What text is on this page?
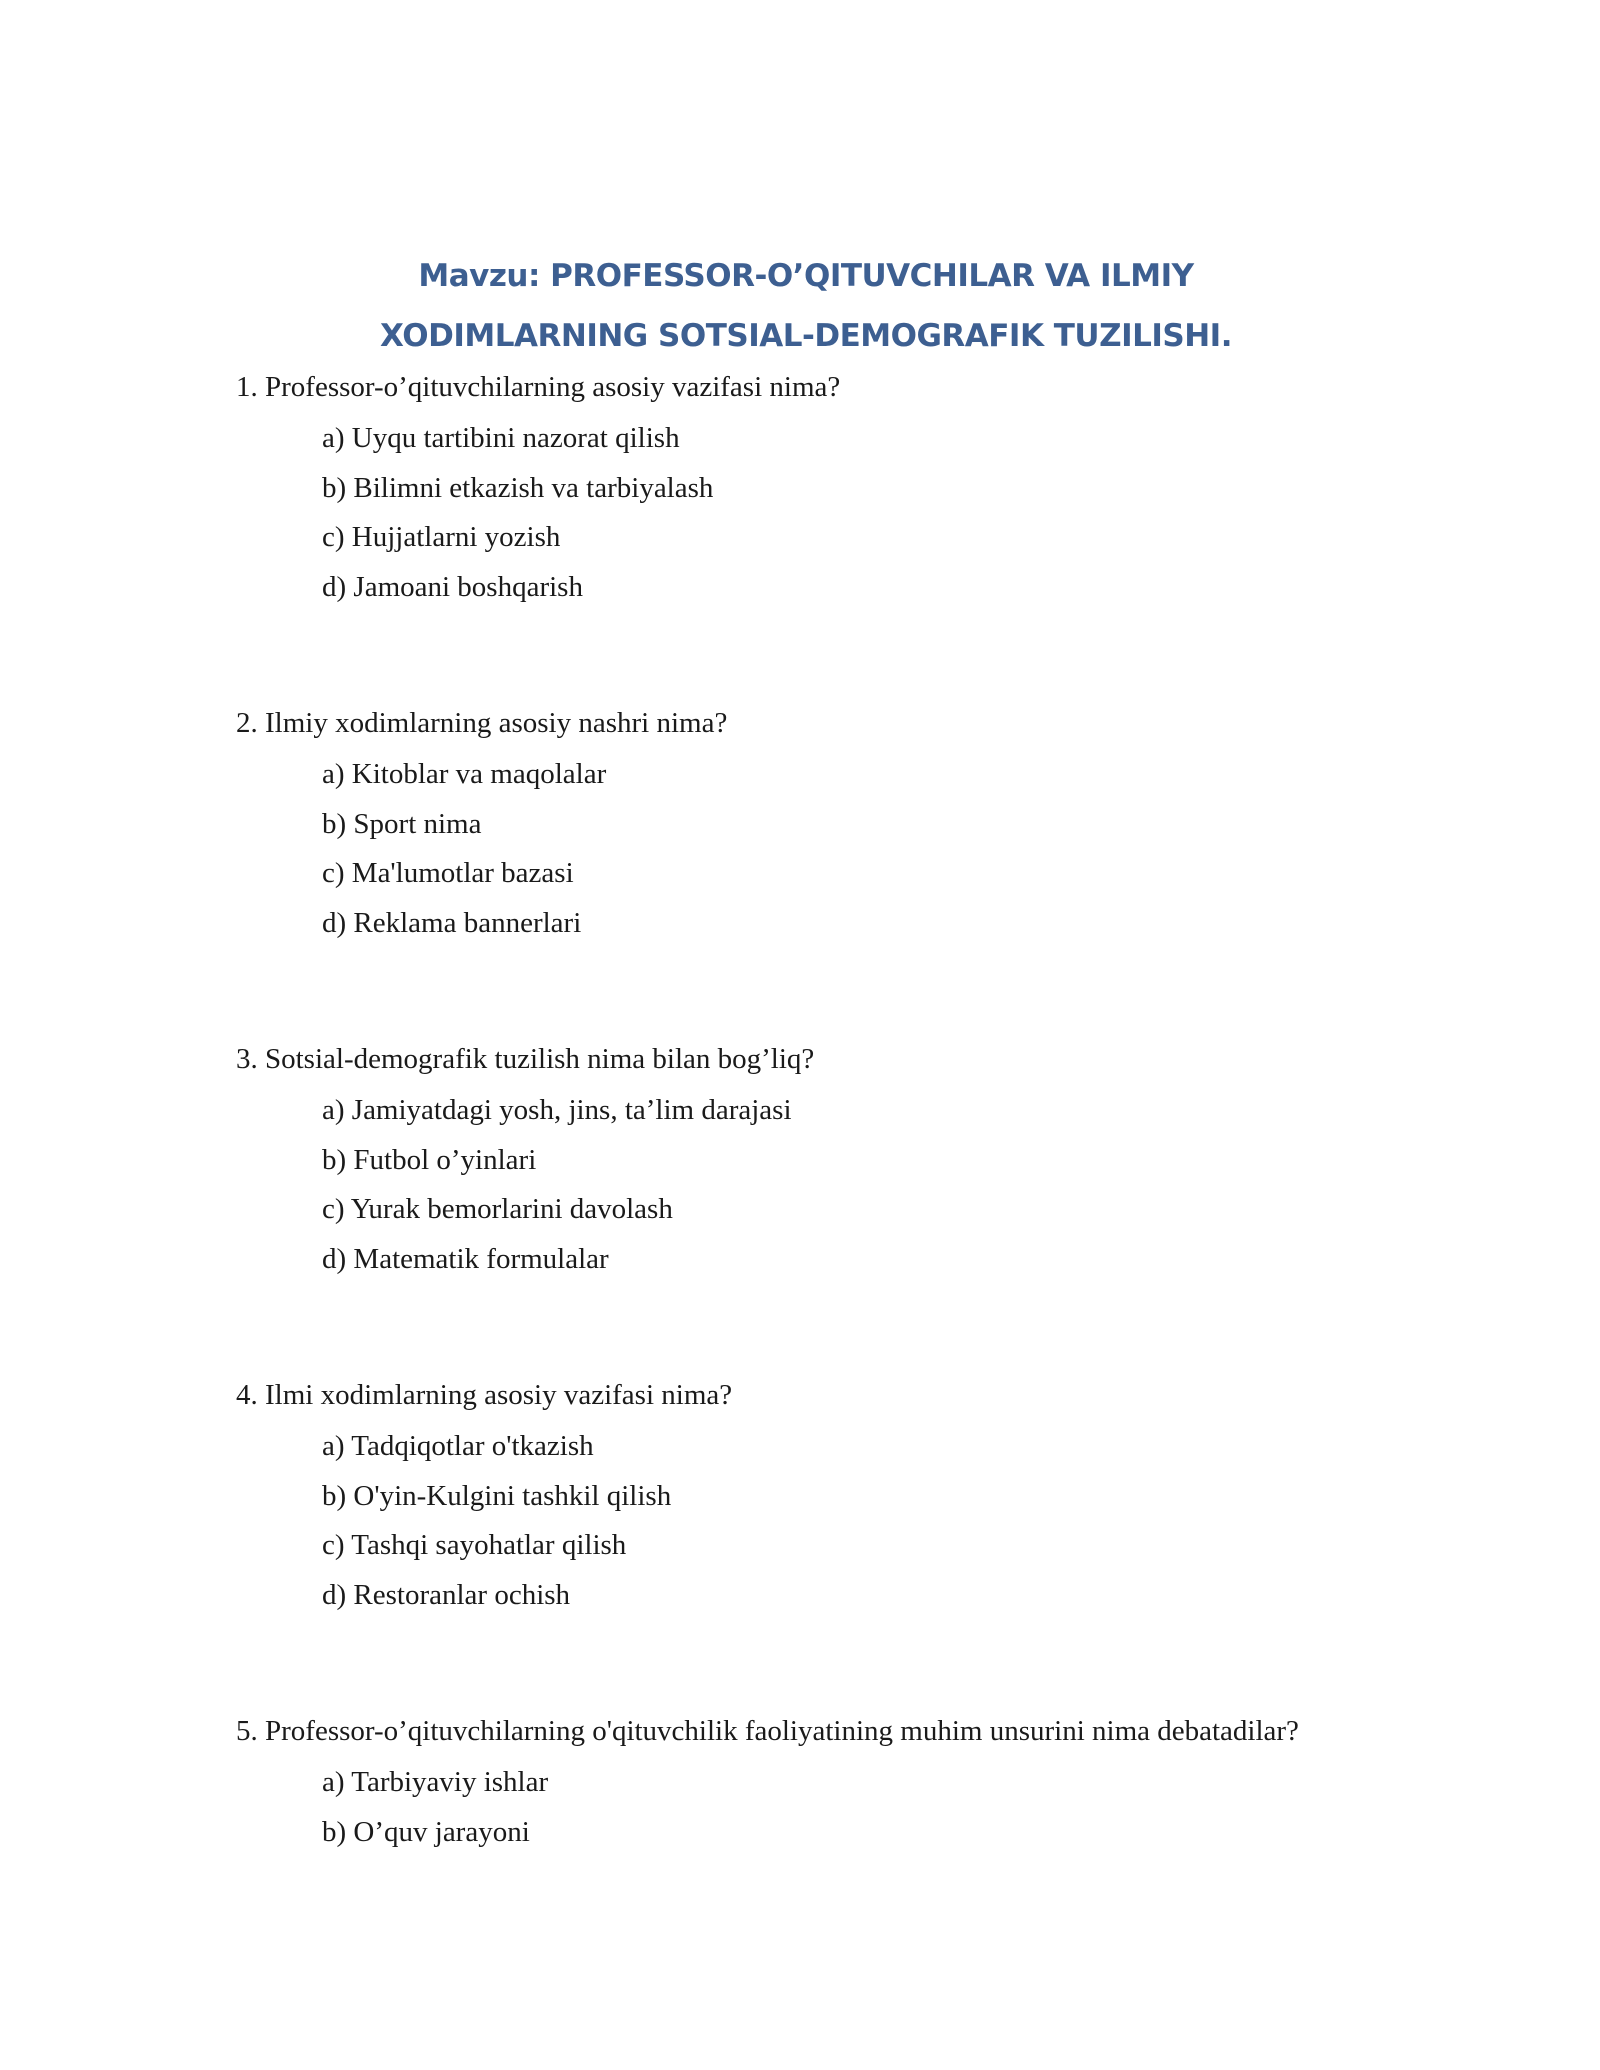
Mavzu: PROFESSOR-O’QITUVCHILAR VA ILMIY
XODIMLARNING SOTSIAL-DEMOGRAFIK TUZILISHI.

1. Professor-o’qituvchilarning asosiy vazifasi nima?

a) Uyqu tartibini nazorat qilish
b) Bilimni etkazish va tarbiyalash
c) Hujjatlarni yozish
d) Jamoani boshqarish

2. Ilmiy xodimlarning asosiy nashri nima?

a) Kitoblar va maqolalar
b) Sport nima
c) Ma'lumotlar bazasi
d) Reklama bannerlari

3. Sotsial-demografik tuzilish nima bilan bog’liq?

a) Jamiyatdagi yosh, jins, ta’lim darajasi
b) Futbol o’yinlari
c) Yurak bemorlarini davolash
d) Matematik formulalar

4. Ilmi xodimlarning asosiy vazifasi nima?

a) Tadqiqotlar o'tkazish
b) O'yin-Kulgini tashkil qilish
c) Tashqi sayohatlar qilish
d) Restoranlar ochish

5. Professor-o’qituvchilarning o'qituvchilik faoliyatining muhim unsurini nima debatadilar?

a) Tarbiyaviy ishlar
b) O’quv jarayoni
